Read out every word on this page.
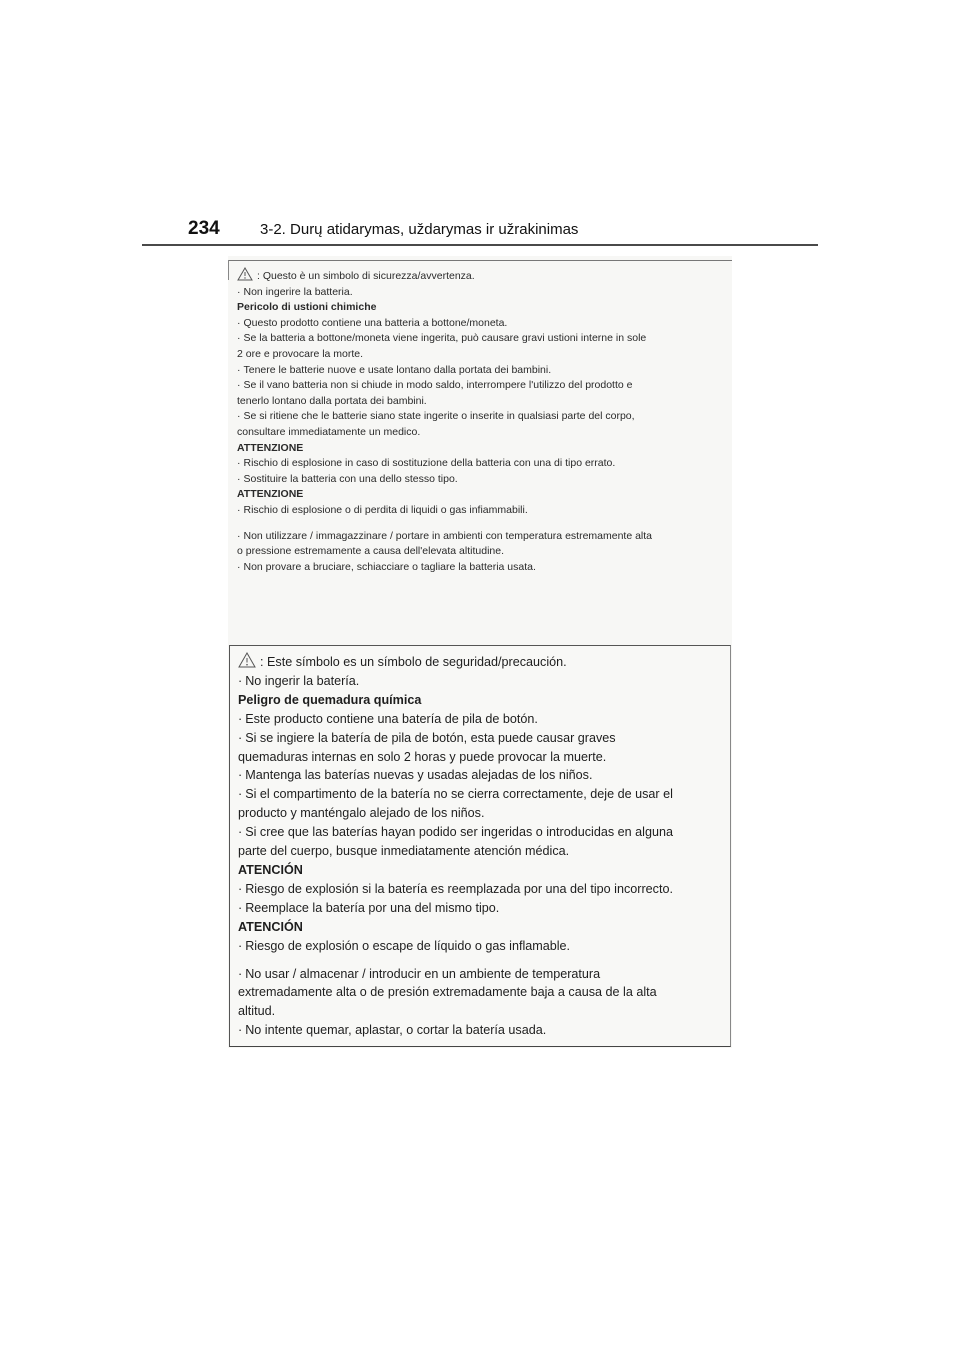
234	3-2. Durų atidarymas, uždarymas ir užrakinimas
: Questo è un simbolo di sicurezza/avvertenza.
· Non ingerire la batteria.
Pericolo di ustioni chimiche
· Questo prodotto contiene una batteria a bottone/moneta.
· Se la batteria a bottone/moneta viene ingerita, può causare gravi ustioni interne in sole
2 ore e provocare la morte.
· Tenere le batterie nuove e usate lontano dalla portata dei bambini.
· Se il vano batteria non si chiude in modo saldo, interrompere l'utilizzo del prodotto e
tenerlo lontano dalla portata dei bambini.
· Se si ritiene che le batterie siano state ingerite o inserite in qualsiasi parte del corpo,
consultare immediatamente un medico.
ATTENZIONE
· Rischio di esplosione in caso di sostituzione della batteria con una di tipo errato.
· Sostituire la batteria con una dello stesso tipo.
ATTENZIONE
· Rischio di esplosione o di perdita di liquidi o gas infiammabili.
· Non utilizzare / immagazzinare / portare in ambienti con temperatura estremamente alta
o pressione estremamente a causa dell'elevata altitudine.
· Non provare a bruciare, schiacciare o tagliare la batteria usata.
: Este símbolo es un símbolo de seguridad/precaución.
· No ingerir la batería.
Peligro de quemadura química
· Este producto contiene una batería de pila de botón.
· Si se ingiere la batería de pila de botón, esta puede causar graves
quemaduras internas en solo 2 horas y puede provocar la muerte.
· Mantenga las baterías nuevas y usadas alejadas de los niños.
· Si el compartimento de la batería no se cierra correctamente, deje de usar el
producto y manténgalo alejado de los niños.
· Si cree que las baterías hayan podido ser ingeridas o introducidas en alguna
parte del cuerpo, busque inmediatamente atención médica.
ATENCIÓN
· Riesgo de explosión si la batería es reemplazada por una del tipo incorrecto.
· Reemplace la batería por una del mismo tipo.
ATENCIÓN
· Riesgo de explosión o escape de líquido o gas inflamable.
· No usar / almacenar / introducir en un ambiente de temperatura
extremadamente alta o de presión extremadamente baja a causa de la alta
altitud.
· No intente quemar, aplastar, o cortar la batería usada.
